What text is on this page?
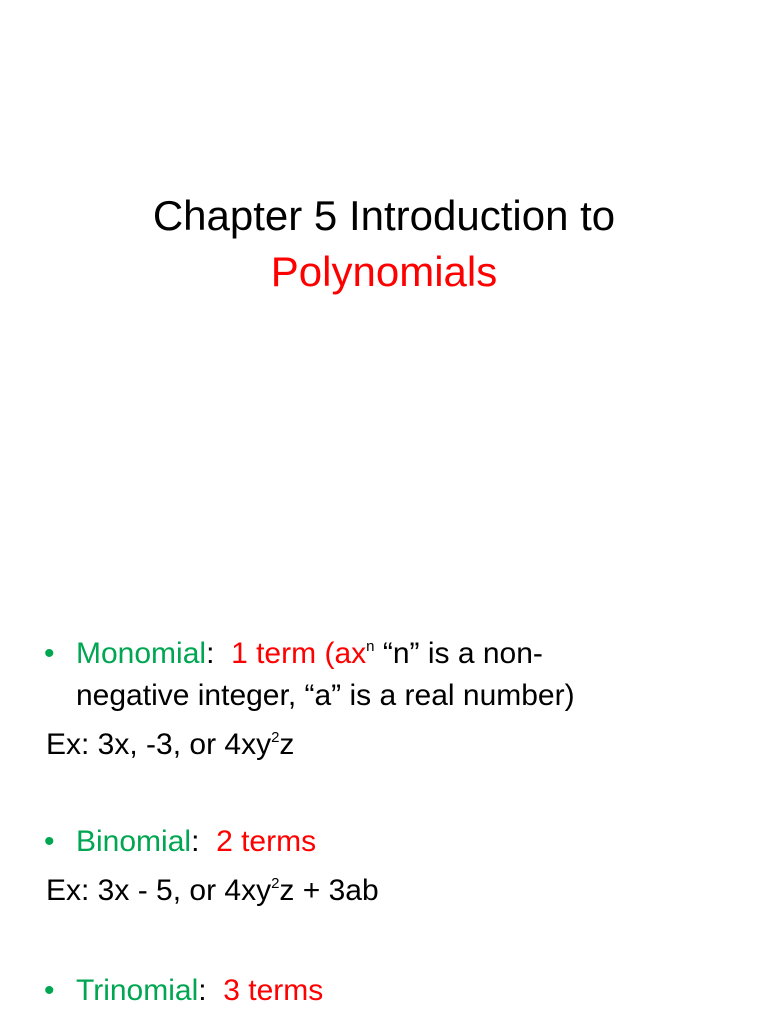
Chapter 5 Introduction to
Polynomials
• Monomial: 1 term ($ax^n$ “n” is a non-
negative integer, “a” is a real number)
Ex: 3x, -3, or $4xy^2z$
• Binomial: 2 terms
Ex: 3x - 5, or $4xy^2z + 3ab$
• Trinomial: 3 terms
